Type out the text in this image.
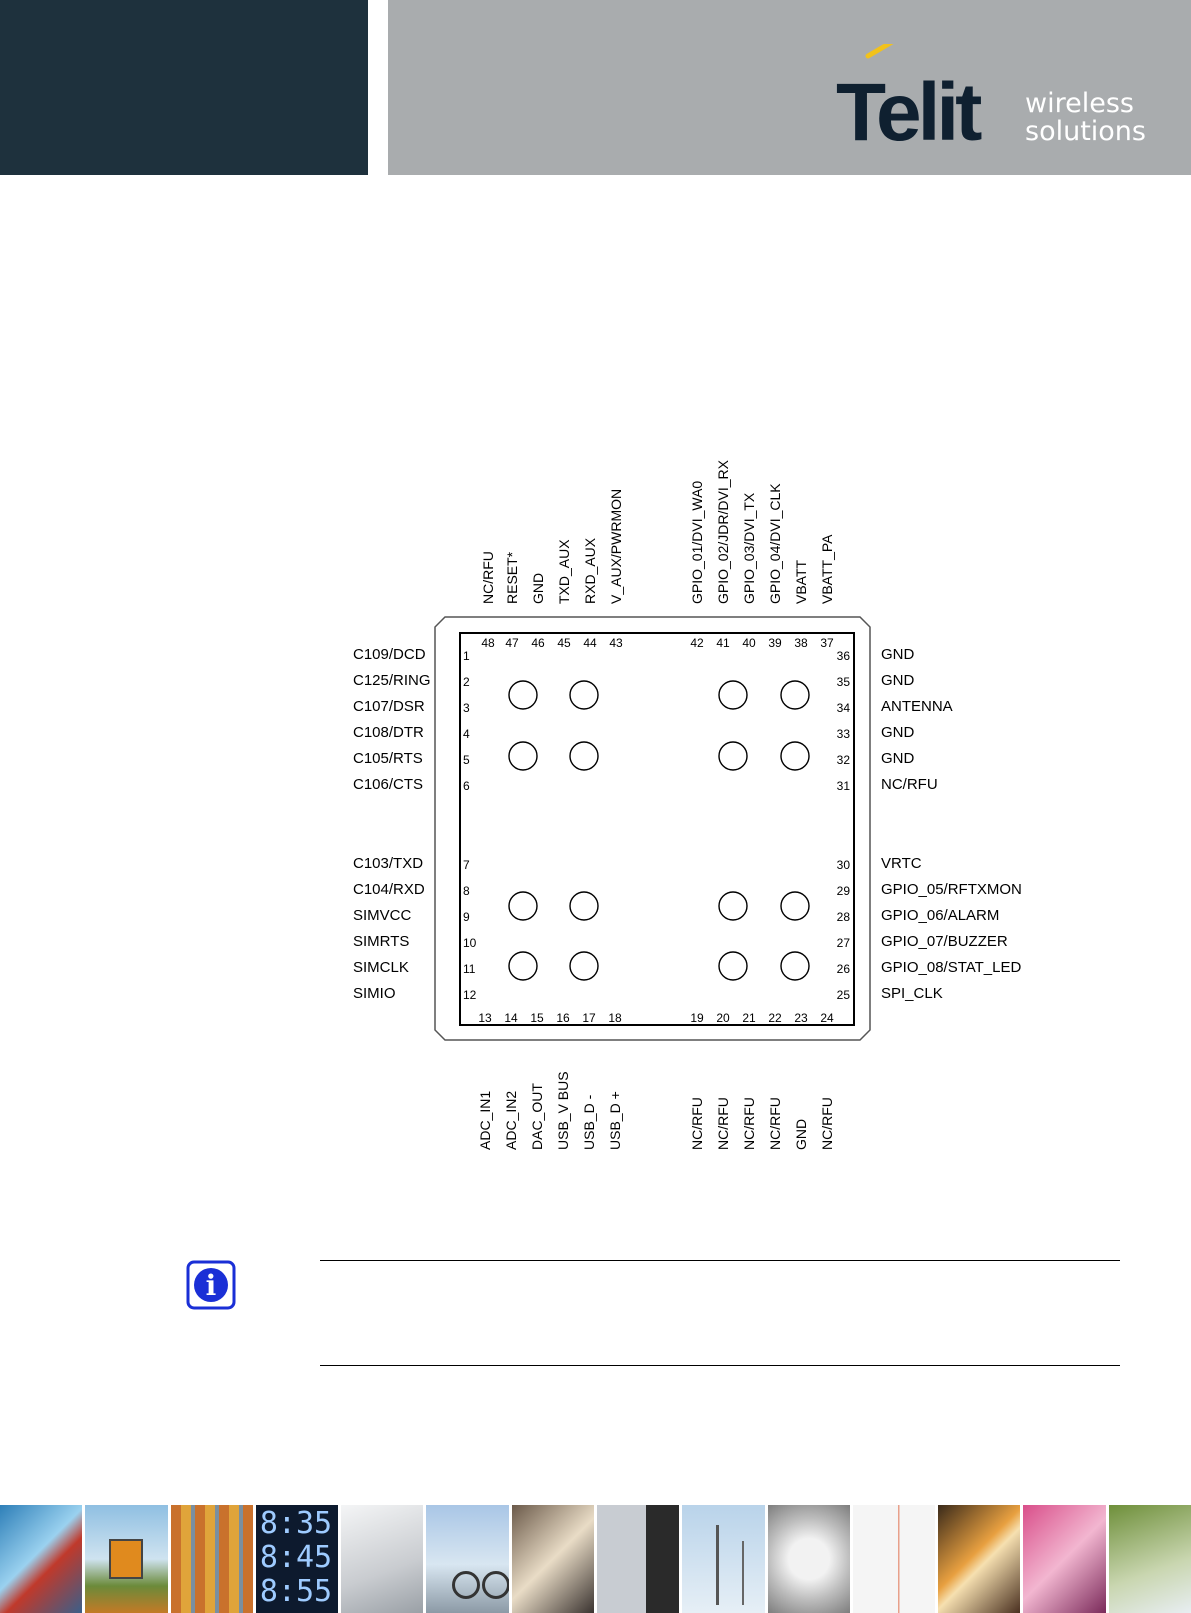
Telit wireless
solutions
48
NC/RFU
47
RESET*
46
GND
45
TXD_AUX
44
RXD_AUX
43
V_AUX/PWRMON
42
GPIO_01/DVI_WA0
41
GPIO_02/JDR/DVI_RX
40
GPIO_03/DVI_TX
39
GPIO_04/DVI_CLK
38
VBATT
37
VBATT_PA
1
C109/DCD
2
C125/RING
3
C107/DSR
4
C108/DTR
5
C105/RTS
6
C106/CTS
7
C103/TXD
8
C104/RXD
9
SIMVCC
10
SIMRTS
11
SIMCLK
12
SIMIO
36 GND
35 GND
34 ANTENNA
33 GND
32 GND
31 NC/RFU
30 VRTC
29 GPIO_05/RFTXMON
28 GPIO_06/ALARM
27 GPIO_07/BUZZER
26 GPIO_08/STAT_LED
25 SPI_CLK
13
ADC_IN1
14
ADC_IN2
15
DAC_OUT
16
USB_V BUS
17
USB_D -
18
USB_D +
19
NC/RFU
20
NC/RFU
21
NC/RFU
22
NC/RFU
23
GND
24
NC/RFU
i
8:35
8:45
8:55
